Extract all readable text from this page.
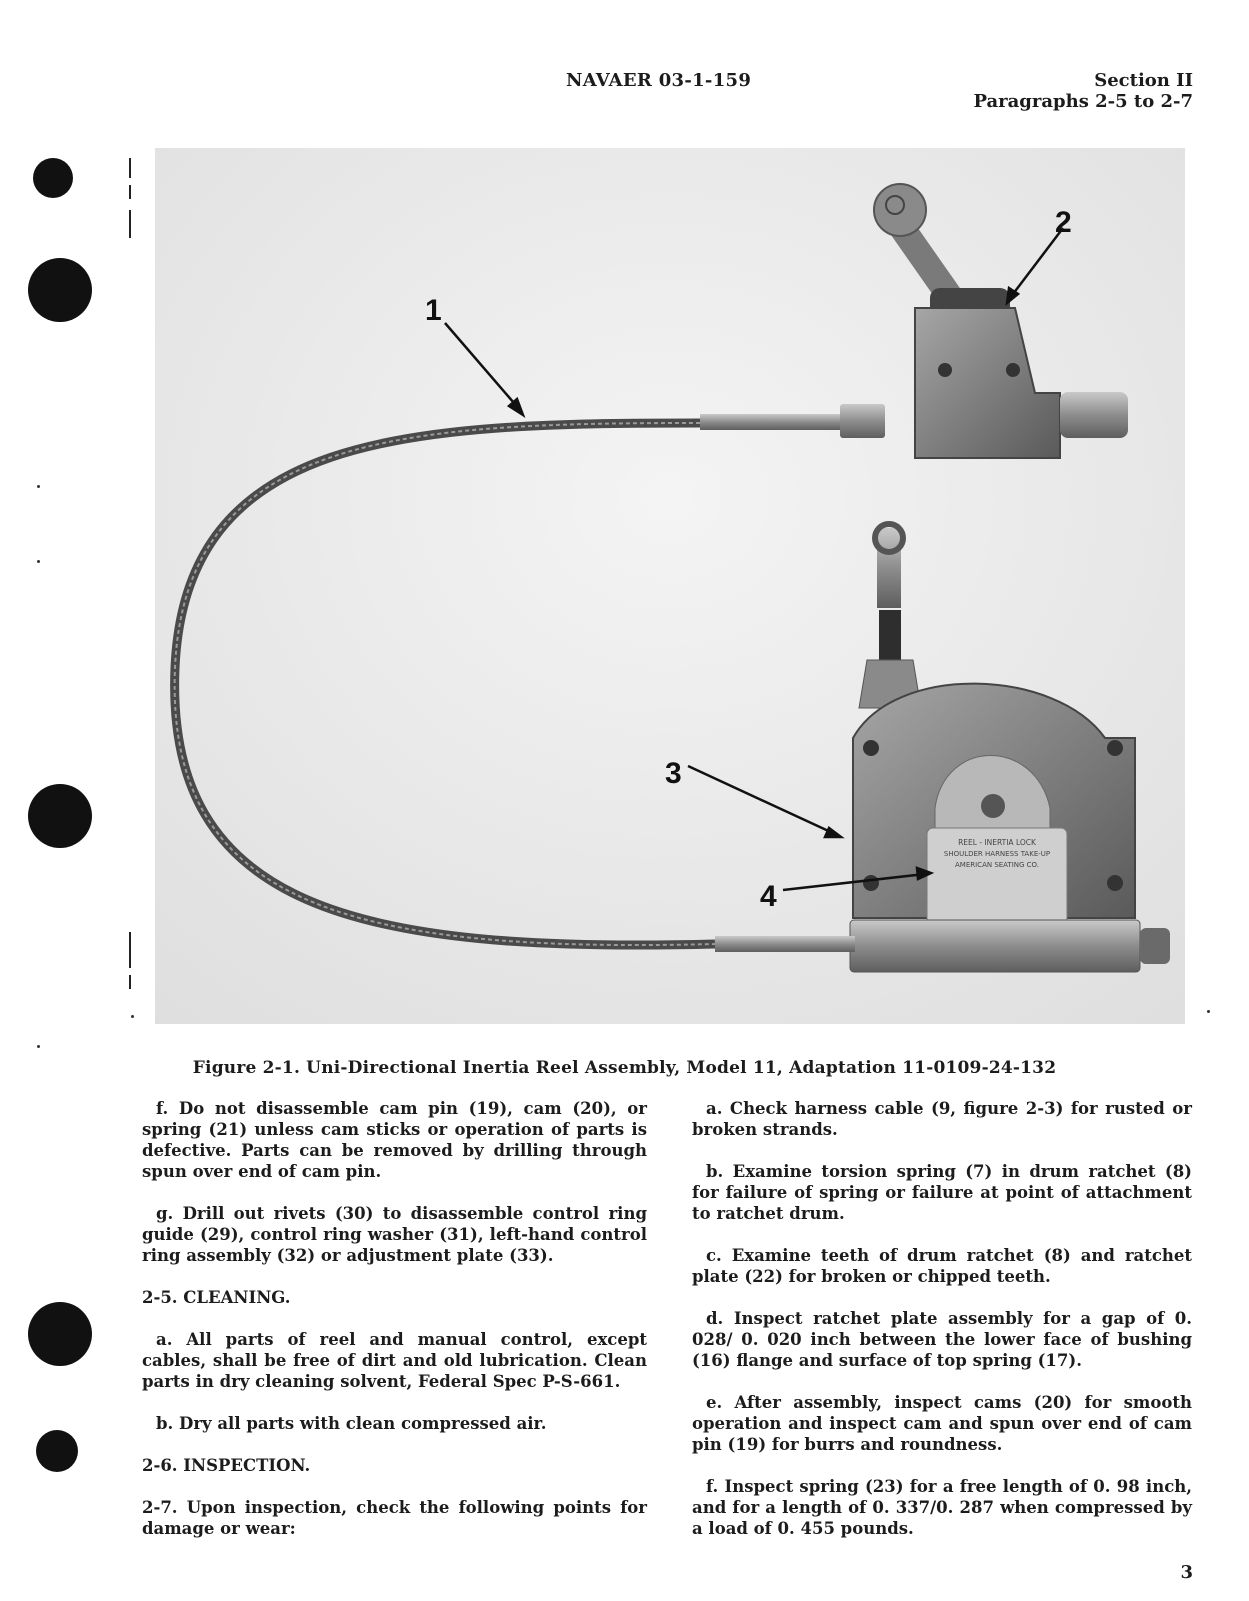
NAVAER 03-1-159	Section II
Paragraphs 2-5 to 2-7
REEL - INERTIA LOCK
SHOULDER HARNESS TAKE-UP
AMERICAN SEATING CO.
1
2
3
4
Figure 2-1. Uni-Directional Inertia Reel Assembly, Model 11, Adaptation 11-0109-24-132

f. Do not disassemble cam pin (19), cam (20), or spring (21) unless cam sticks or operation of parts is defective. Parts can be removed by drilling through spun over end of cam pin.

g. Drill out rivets (30) to disassemble control ring guide (29), control ring washer (31), left-hand control ring assembly (32) or adjustment plate (33).

2-5. CLEANING.

a. All parts of reel and manual control, except cables, shall be free of dirt and old lubrication. Clean parts in dry cleaning solvent, Federal Spec P-S-661.

b. Dry all parts with clean compressed air.

2-6. INSPECTION.

2-7. Upon inspection, check the following points for damage or wear:

a. Check harness cable (9, figure 2-3) for rusted or broken strands.

b. Examine torsion spring (7) in drum ratchet (8) for failure of spring or failure at point of attachment to ratchet drum.

c. Examine teeth of drum ratchet (8) and ratchet plate (22) for broken or chipped teeth.

d. Inspect ratchet plate assembly for a gap of 0. 028/ 0. 020 inch between the lower face of bushing (16) flange and surface of top spring (17).

e. After assembly, inspect cams (20) for smooth operation and inspect cam and spun over end of cam pin (19) for burrs and roundness.

f. Inspect spring (23) for a free length of 0. 98 inch, and for a length of 0. 337/0. 287 when compressed by a load of 0. 455 pounds.

3
